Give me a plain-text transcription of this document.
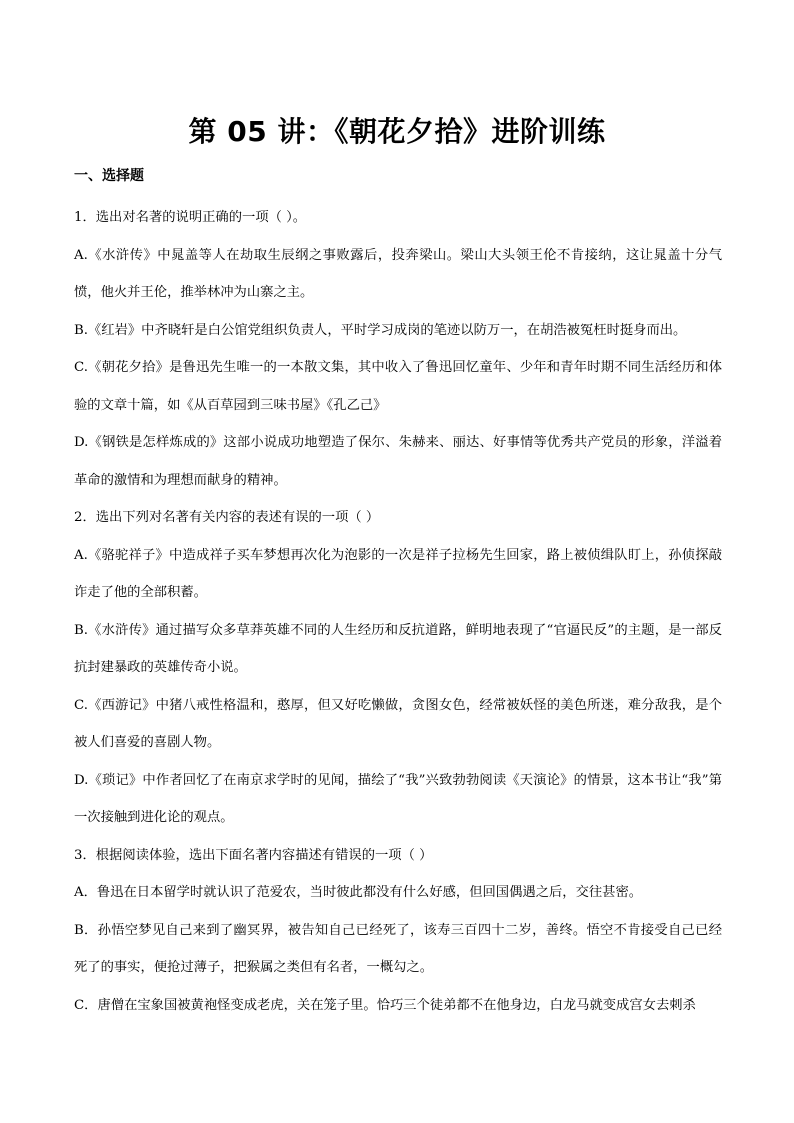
第 05 讲：《朝花夕拾》进阶训练
一、选择题

1．选出对名著的说明正确的一项（ ）。

A.《水浒传》中晁盖等人在劫取生辰纲之事败露后，投奔梁山。梁山大头领王伦不肯接纳，这让晁盖十分气愤，他火并王伦，推举林冲为山寨之主。

B.《红岩》中齐晓轩是白公馆党组织负责人，平时学习成岗的笔迹以防万一，在胡浩被冤枉时挺身而出。

C.《朝花夕拾》是鲁迅先生唯一的一本散文集，其中收入了鲁迅回忆童年、少年和青年时期不同生活经历和体验的文章十篇，如《从百草园到三味书屋》《孔乙己》

D.《钢铁是怎样炼成的》这部小说成功地塑造了保尔、朱赫来、丽达、好事情等优秀共产党员的形象，洋溢着革命的激情和为理想而献身的精神。

2．选出下列对名著有关内容的表述有误的一项（ ）

A.《骆驼祥子》中造成祥子买车梦想再次化为泡影的一次是祥子拉杨先生回家，路上被侦缉队盯上，孙侦探敲诈走了他的全部积蓄。

B.《水浒传》通过描写众多草莽英雄不同的人生经历和反抗道路，鲜明地表现了“官逼民反”的主题，是一部反抗封建暴政的英雄传奇小说。

C.《西游记》中猪八戒性格温和，憨厚，但又好吃懒做，贪图女色，经常被妖怪的美色所迷，难分敌我，是个被人们喜爱的喜剧人物。

D.《琐记》中作者回忆了在南京求学时的见闻，描绘了“我”兴致勃勃阅读《天演论》的情景，这本书让“我”第一次接触到进化论的观点。

3．根据阅读体验，选出下面名著内容描述有错误的一项（ ）

A．鲁迅在日本留学时就认识了范爱农，当时彼此都没有什么好感，但回国偶遇之后，交往甚密。

B．孙悟空梦见自己来到了幽冥界，被告知自己已经死了，该寿三百四十二岁，善终。悟空不肯接受自己已经死了的事实，便抢过薄子，把猴属之类但有名者，一概勾之。

C．唐僧在宝象国被黄袍怪变成老虎，关在笼子里。恰巧三个徒弟都不在他身边，白龙马就变成宫女去刺杀
